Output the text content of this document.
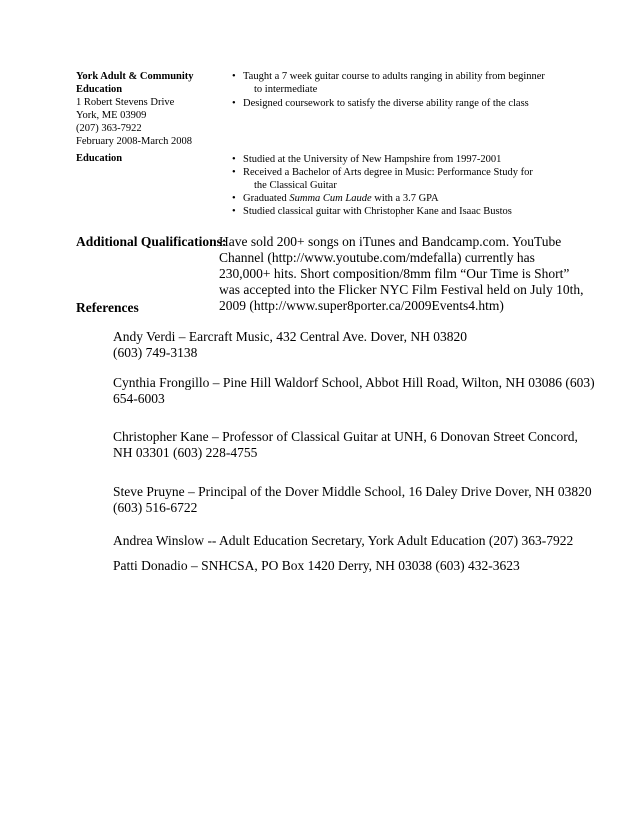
York Adult & Community
Education
1 Robert Stevens Drive
York, ME 03909
(207) 363-7922
February 2008-March 2008
• Taught a 7 week guitar course to adults ranging in ability from beginner
to intermediate
• Designed coursework to satisfy the diverse ability range of the class
Education	• Studied at the University of New Hampshire from 1997-2001
• Received a Bachelor of Arts degree in Music: Performance Study for
the Classical Guitar
• Graduated Summa Cum Laude with a 3.7 GPA
• Studied classical guitar with Christopher Kane and Isaac Bustos
Additional Qualifications:
Have sold 200+ songs on iTunes and Bandcamp.com. YouTube
Channel (http://www.youtube.com/mdefalla) currently has
230,000+ hits. Short composition/8mm film “Our Time is Short”
was accepted into the Flicker NYC Film Festival held on July 10th,
2009 (http://www.super8porter.ca/2009Events4.htm)
References
Andy Verdi – Earcraft Music, 432 Central Ave. Dover, NH 03820
(603) 749-3138
Cynthia Frongillo – Pine Hill Waldorf School, Abbot Hill Road, Wilton, NH 03086 (603)
654-6003
Christopher Kane – Professor of Classical Guitar at UNH, 6 Donovan Street Concord,
NH 03301 (603) 228-4755
Steve Pruyne – Principal of the Dover Middle School, 16 Daley Drive Dover, NH 03820
(603) 516-6722
Andrea Winslow -- Adult Education Secretary, York Adult Education (207) 363-7922
Patti Donadio – SNHCSA, PO Box 1420 Derry, NH 03038 (603) 432-3623
